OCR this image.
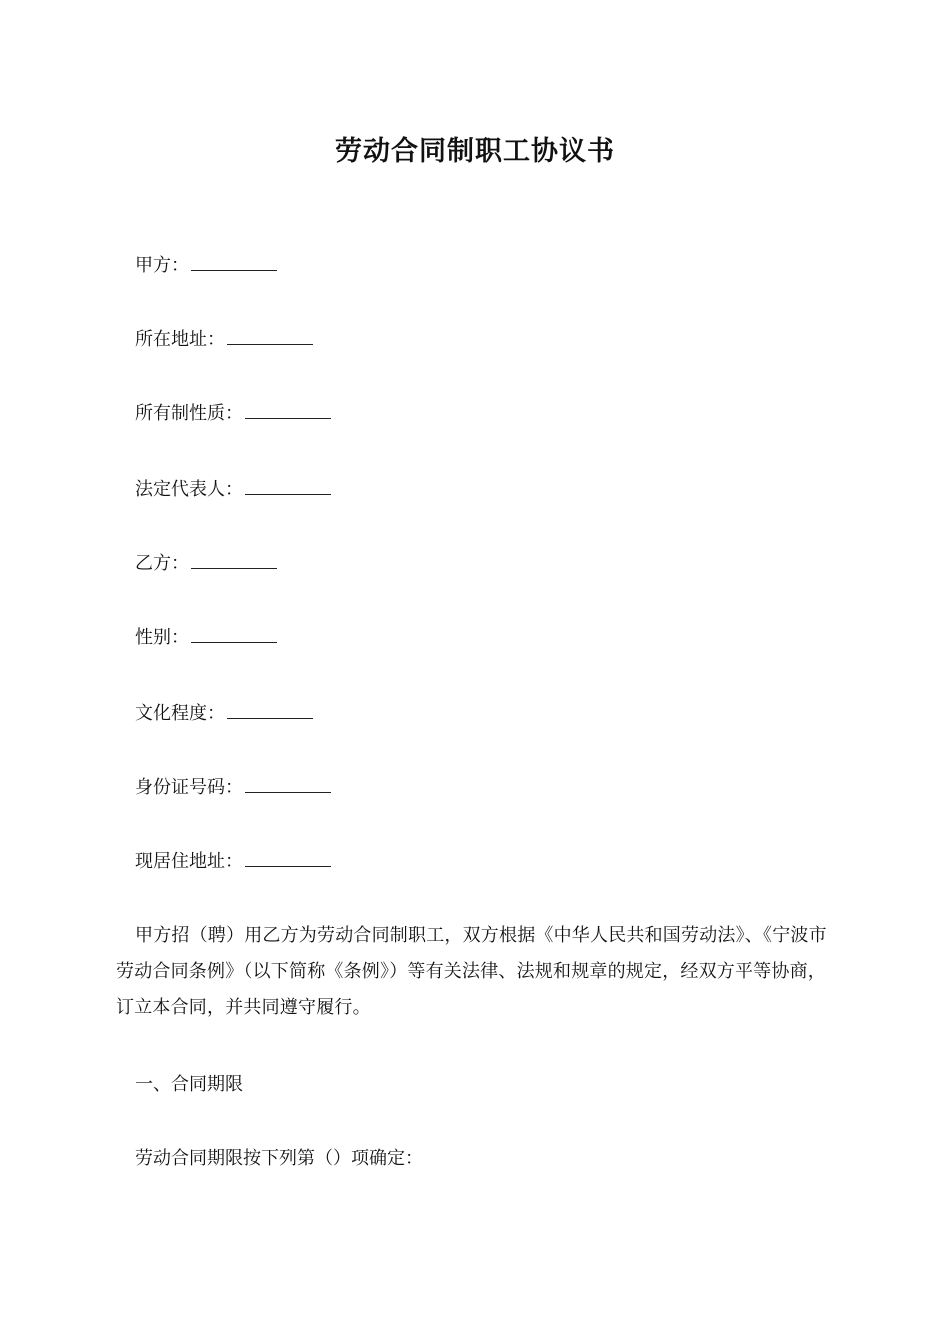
劳动合同制职工协议书
甲方：
所在地址：
所有制性质：
法定代表人：
乙方：
性别：
文化程度：
身份证号码：
现居住地址：
甲方招（聘）用乙方为劳动合同制职工，双方根据《中华人民共和国劳动法》、《宁波市劳动合同条例》（以下简称《条例》）等有关法律、法规和规章的规定，经双方平等协商，订立本合同，并共同遵守履行。
一、合同期限
劳动合同期限按下列第（）项确定：
